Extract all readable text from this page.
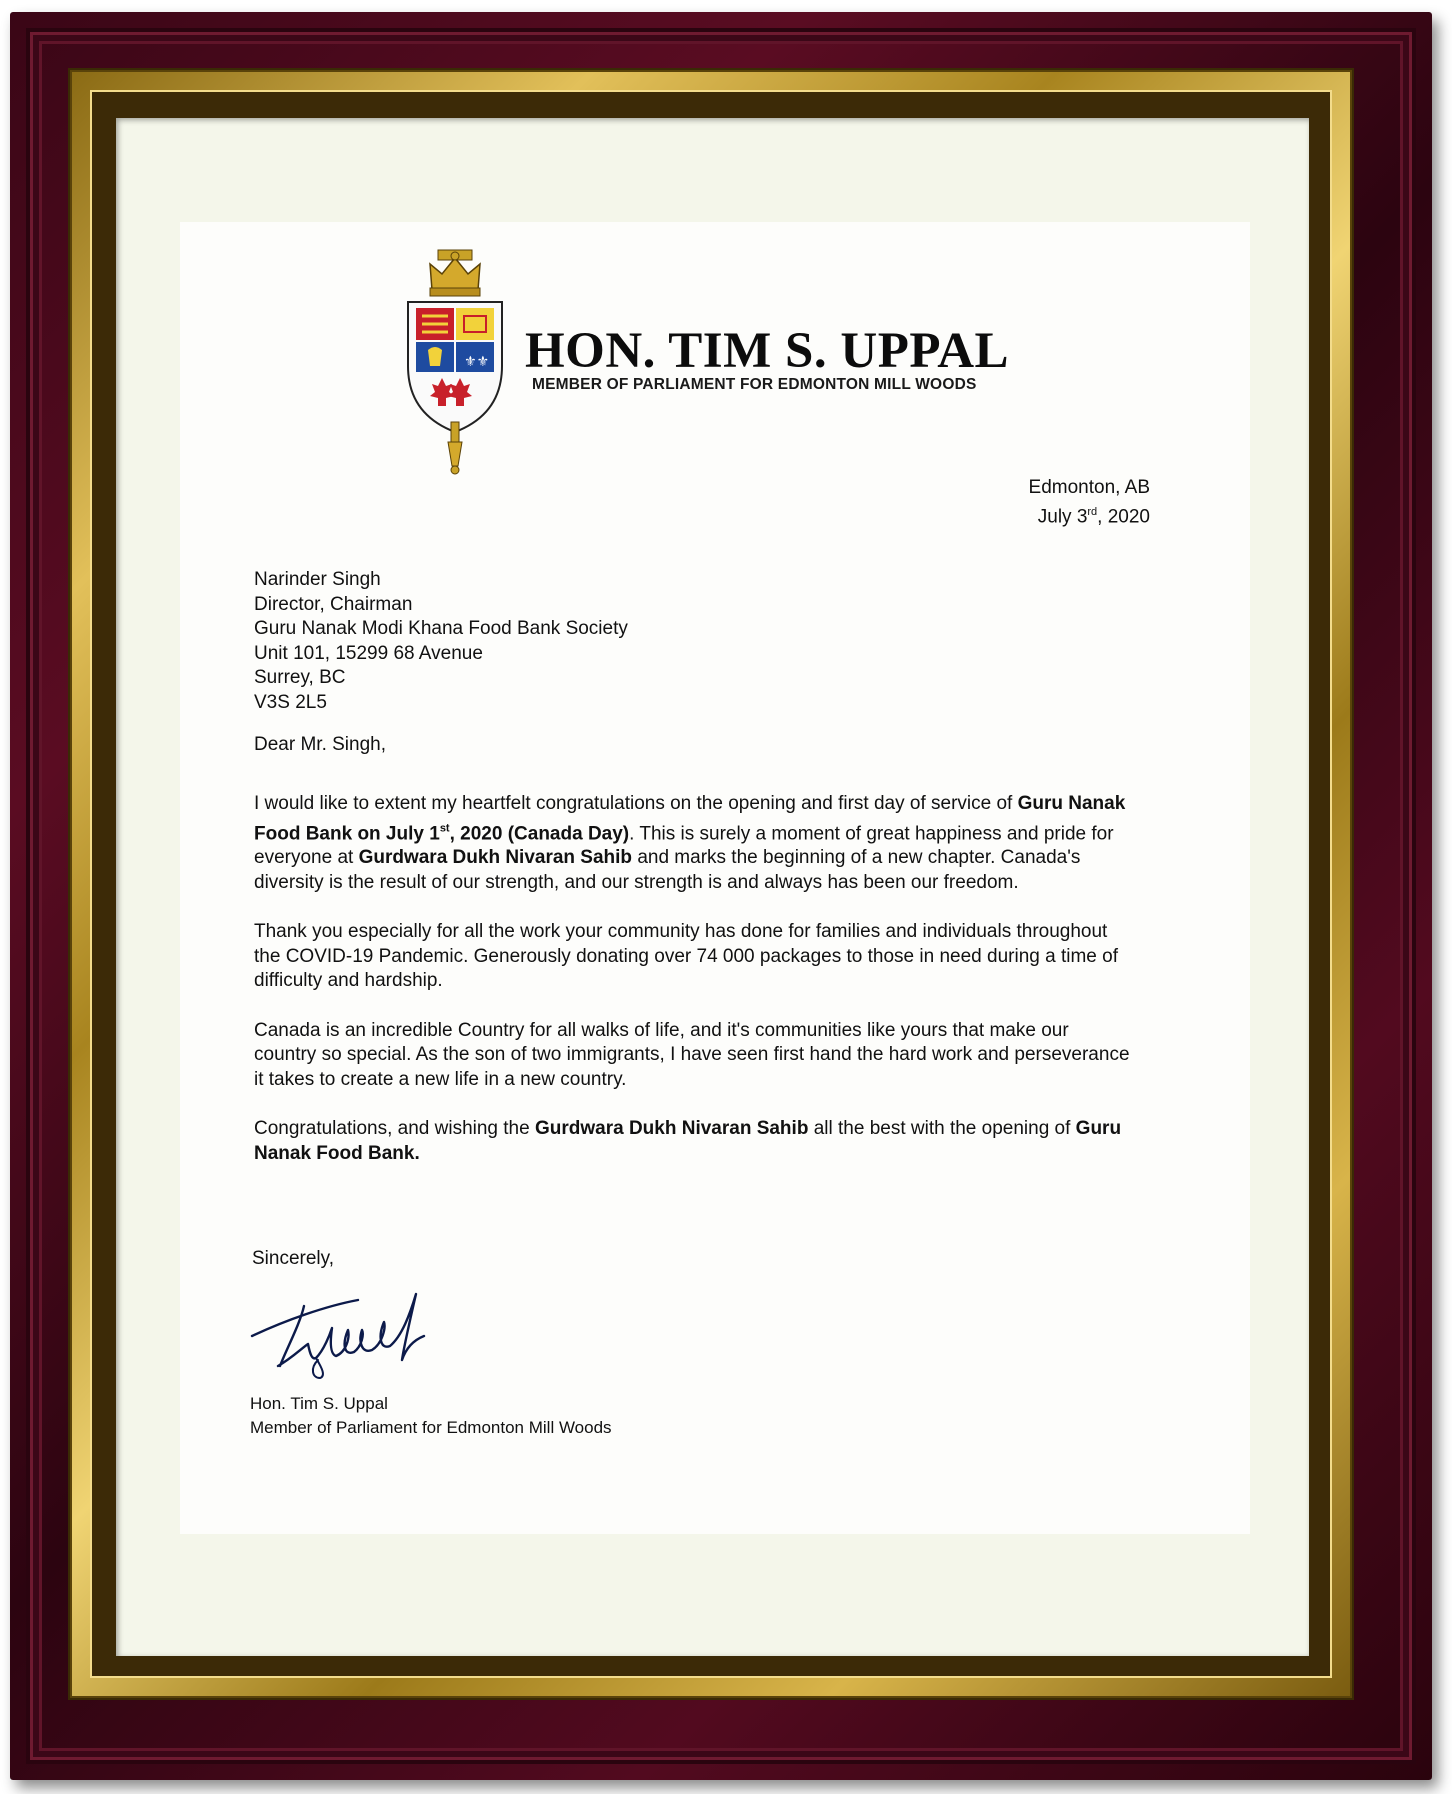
⚜⚜ HON. TIM S. UPPAL
MEMBER OF PARLIAMENT FOR EDMONTON MILL WOODS
Edmonton, AB
July 3rd, 2020
Narinder Singh
Director, Chairman
Guru Nanak Modi Khana Food Bank Society
Unit 101, 15299 68 Avenue
Surrey, BC
V3S 2L5
Dear Mr. Singh,

I would like to extent my heartfelt congratulations on the opening and first day of service of Guru Nanak Food Bank on July 1st, 2020 (Canada Day). This is surely a moment of great happiness and pride for everyone at Gurdwara Dukh Nivaran Sahib and marks the beginning of a new chapter. Canada's diversity is the result of our strength, and our strength is and always has been our freedom.

Thank you especially for all the work your community has done for families and individuals throughout the COVID-19 Pandemic. Generously donating over 74 000 packages to those in need during a time of difficulty and hardship.

Canada is an incredible Country for all walks of life, and it's communities like yours that make our country so special. As the son of two immigrants, I have seen first hand the hard work and perseverance it takes to create a new life in a new country.

Congratulations, and wishing the Gurdwara Dukh Nivaran Sahib all the best with the opening of Guru Nanak Food Bank.

Sincerely,
Hon. Tim S. Uppal
Member of Parliament for Edmonton Mill Woods
